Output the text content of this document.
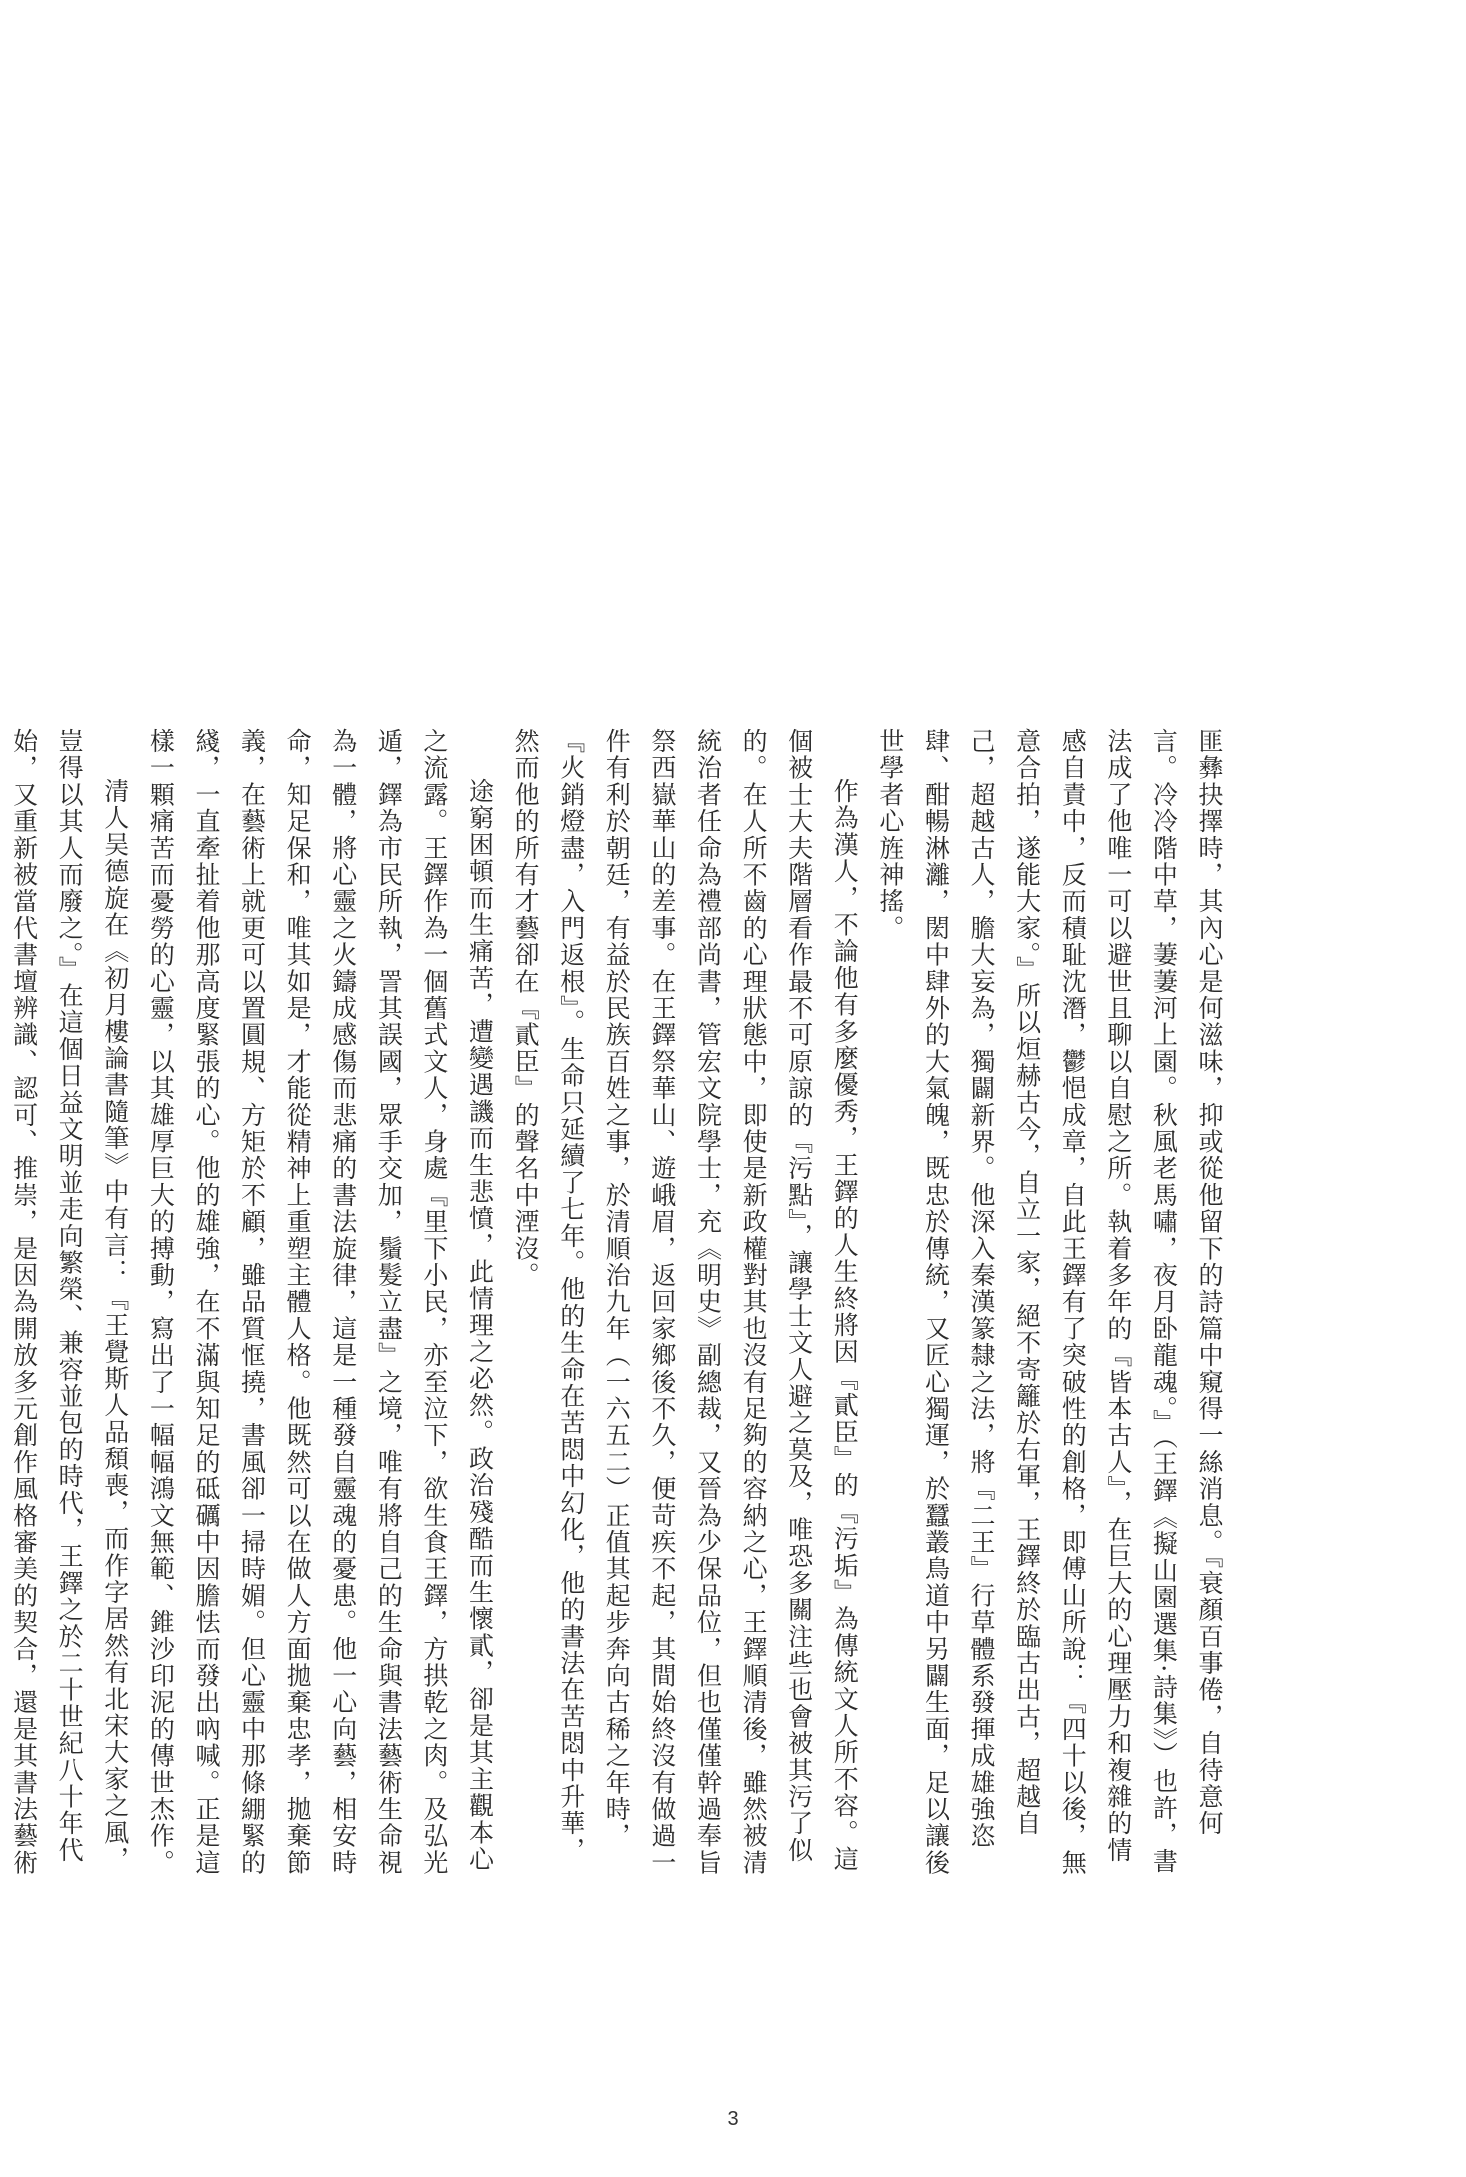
匪彝抉擇時，其內心是何滋味，抑或從他留下的詩篇中窺得一絲消息。『衰顏百事倦，自待意何言。冷冷階中草，萋萋河上園。秋風老馬嘯，夜月卧龍魂。』（王鐸《擬山園選集·詩集》）也許，書法成了他唯一可以避世且聊以自慰之所。執着多年的『皆本古人』，在巨大的心理壓力和複雜的情感自責中，反而積耻沈潛，鬱悒成章，自此王鐸有了突破性的創格，即傅山所說：『四十以後，無意合拍，遂能大家。』所以烜赫古今，自立一家，絕不寄籬於右軍，王鐸終於臨古出古，超越自己，超越古人，膽大妄為，獨闢新界。他深入秦漢篆隸之法，將『二王』行草體系發揮成雄強恣肆、酣暢淋灕，閎中肆外的大氣魄，既忠於傳統，又匠心獨運，於蠶叢鳥道中另闢生面，足以讓後世學者心旌神搖。

作為漢人，不論他有多麼優秀，王鐸的人生終將因『貳臣』的『污垢』為傳統文人所不容。這個被士大夫階層看作最不可原諒的『污點』，讓學士文人避之莫及，唯恐多關注些也會被其污了似的。在人所不齒的心理狀態中，即使是新政權對其也沒有足夠的容納之心，王鐸順清後，雖然被清統治者任命為禮部尚書，管宏文院學士，充《明史》副總裁，又晉為少保品位，但也僅僅幹過奉旨祭西嶽華山的差事。在王鐸祭華山、遊峨眉，返回家鄉後不久，便苛疾不起，其間始終沒有做過一件有利於朝廷，有益於民族百姓之事，於清順治九年（一六五二）正值其起步奔向古稀之年時，『火銷燈盡，入門返根』。生命只延續了七年。他的生命在苦悶中幻化，他的書法在苦悶中升華，然而他的所有才藝卻在『貳臣』的聲名中湮沒。

途窮困頓而生痛苦，遭變遇譏而生悲憤，此情理之必然。政治殘酷而生懷貳，卻是其主觀本心之流露。王鐸作為一個舊式文人，身處『里下小民，亦至泣下，欲生食王鐸，方拱乾之肉。及弘光遁，鐸為市民所執，詈其誤國，眾手交加，鬚髮立盡』之境，唯有將自己的生命與書法藝術生命視為一體，將心靈之火鑄成感傷而悲痛的書法旋律，這是一種發自靈魂的憂患。他一心向藝，相安時命，知足保和，唯其如是，才能從精神上重塑主體人格。他既然可以在做人方面拋棄忠孝，拋棄節義，在藝術上就更可以置圓規、方矩於不顧，雖品質恇撓，書風卻一掃時媚。但心靈中那條綳緊的綫，一直牽扯着他那高度緊張的心。他的雄強，在不滿與知足的砥礪中因膽怯而發出吶喊。正是這樣一顆痛苦而憂勞的心靈，以其雄厚巨大的搏動，寫出了一幅幅鴻文無範、錐沙印泥的傳世杰作。

清人吴德旋在《初月樓論書隨筆》中有言：『王覺斯人品頹喪，而作字居然有北宋大家之風，豈得以其人而廢之。』在這個日益文明並走向繁榮、兼容並包的時代，王鐸之於二十世紀八十年代始，又重新被當代書壇辨識、認可、推崇，是因為開放多元創作風格審美的契合，還是其書法藝術

3
